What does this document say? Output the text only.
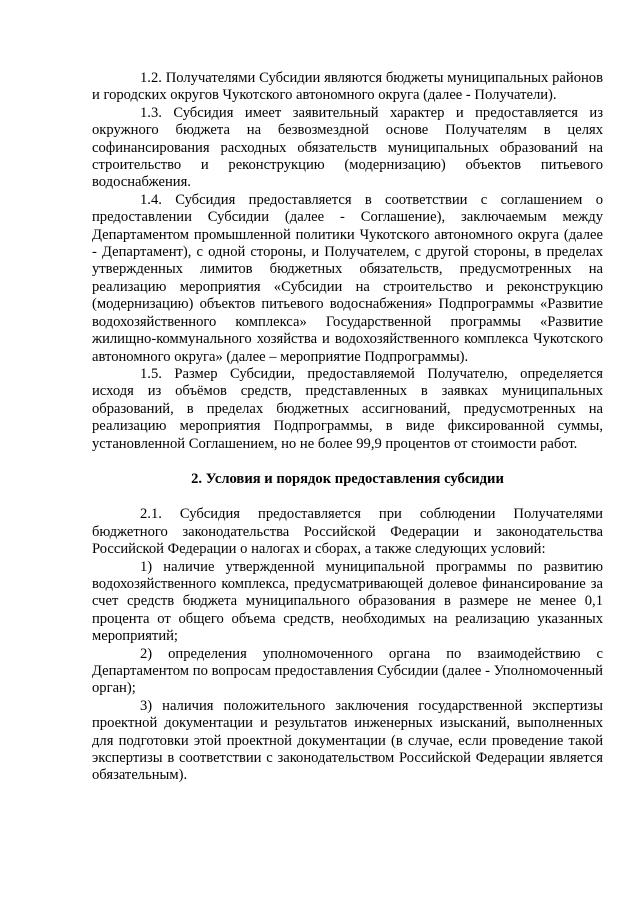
1.2. Получателями Субсидии являются бюджеты муниципальных районов и городских округов Чукотского автономного округа (далее - Получатели).

1.3. Субсидия имеет заявительный характер и предоставляется из окружного бюджета на безвозмездной основе Получателям в целях софинансирования расходных обязательств муниципальных образований на строительство и реконструкцию (модернизацию) объектов питьевого водоснабжения.

1.4. Субсидия предоставляется в соответствии с соглашением о предоставлении Субсидии (далее - Соглашение), заключаемым между Департаментом промышленной политики Чукотского автономного округа (далее - Департамент), с одной стороны, и Получателем, с другой стороны, в пределах утвержденных лимитов бюджетных обязательств, предусмотренных на реализацию мероприятия «Субсидии на строительство и реконструкцию (модернизацию) объектов питьевого водоснабжения» Подпрограммы «Развитие водохозяйственного комплекса» Государственной программы «Развитие жилищно-коммунального хозяйства и водохозяйственного комплекса Чукотского автономного округа» (далее – мероприятие Подпрограммы).

1.5. Размер Субсидии, предоставляемой Получателю, определяется исходя из объёмов средств, представленных в заявках муниципальных образований, в пределах бюджетных ассигнований, предусмотренных на реализацию мероприятия Подпрограммы, в виде фиксированной суммы, установленной Соглашением, но не более 99,9 процентов от стоимости работ.

2. Условия и порядок предоставления субсидии

2.1. Субсидия предоставляется при соблюдении Получателями бюджетного законодательства Российской Федерации и законодательства Российской Федерации о налогах и сборах, а также следующих условий:

1) наличие утвержденной муниципальной программы по развитию водохозяйственного комплекса, предусматривающей долевое финансирование за счет средств бюджета муниципального образования в размере не менее 0,1 процента от общего объема средств, необходимых на реализацию указанных мероприятий;

2) определения уполномоченного органа по взаимодействию с Департаментом по вопросам предоставления Субсидии (далее - Уполномоченный орган);

3) наличия положительного заключения государственной экспертизы проектной документации и результатов инженерных изысканий, выполненных для подготовки этой проектной документации (в случае, если проведение такой экспертизы в соответствии с законодательством Российской Федерации является обязательным).
